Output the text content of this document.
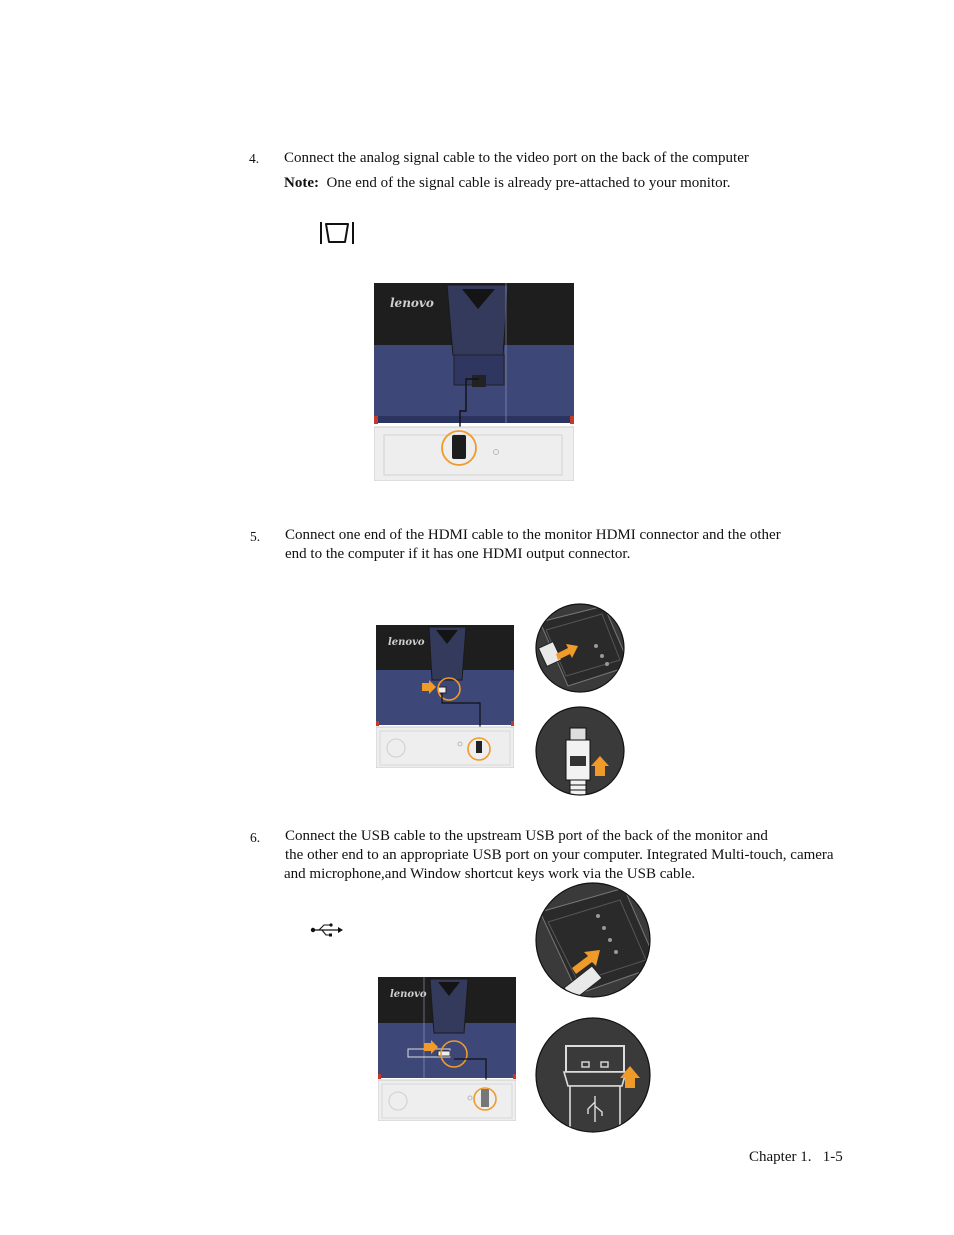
4. Connect the analog signal cable to the video port on the back of the computer
Note: One end of the signal cable is already pre-attached to your monitor.
lenovo
5. Connect one end of the HDMI cable to the monitor HDMI connector and the other
end to the computer if it has one HDMI output connector.
lenovo
6. Connect the USB cable to the upstream USB port of the back of the monitor and
the other end to an appropriate USB port on your computer. Integrated Multi-touch, camera
and microphone,and Window shortcut keys work via the USB cable.
lenovo
Chapter 1.   1-5
